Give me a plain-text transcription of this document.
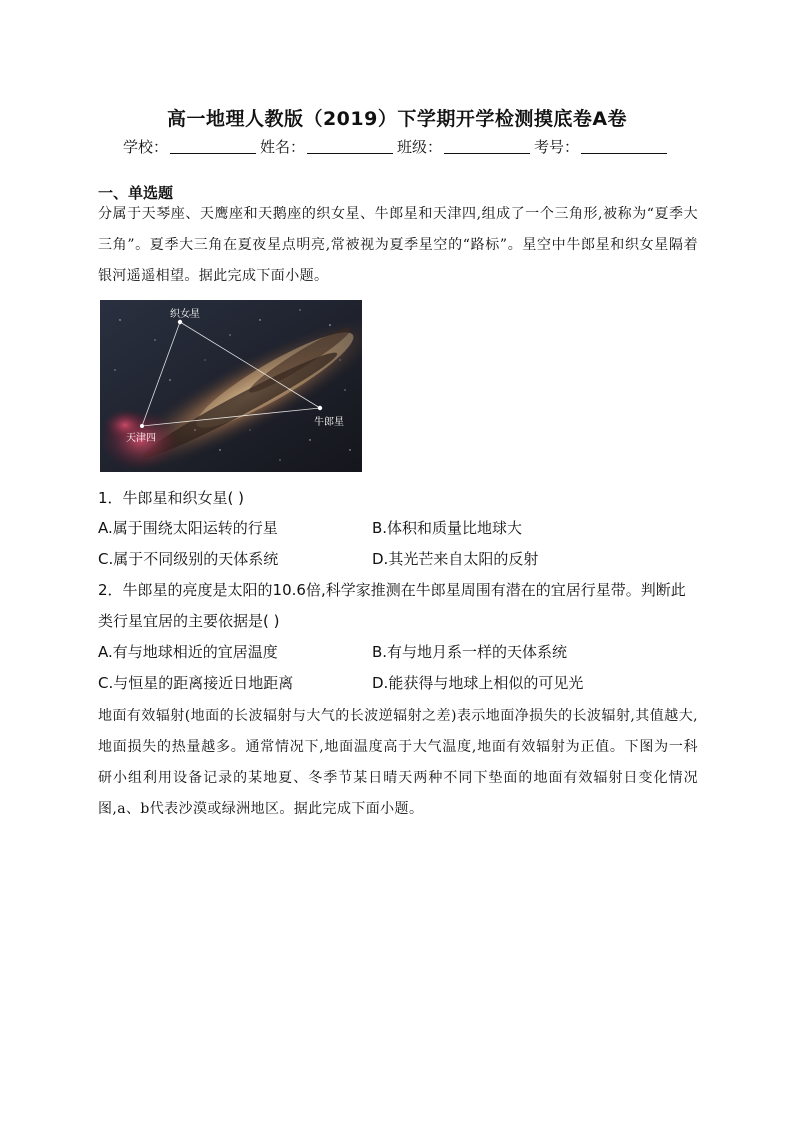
高一地理人教版（2019）下学期开学检测摸底卷A卷
学校：	姓名：	班级：	考号：
一、单选题
分属于天琴座、天鹰座和天鹅座的织女星、牛郎星和天津四,组成了一个三角形,被称为“夏季大三角”。夏季大三角在夏夜星点明亮,常被视为夏季星空的“路标”。星空中牛郎星和织女星隔着银河遥遥相望。据此完成下面小题。
织女星
牛郎星
天津四
1．牛郎星和织女星( )
A.属于围绕太阳运转的行星	B.体积和质量比地球大
C.属于不同级别的天体系统	D.其光芒来自太阳的反射
2．牛郎星的亮度是太阳的10.6倍,科学家推测在牛郎星周围有潜在的宜居行星带。判断此类行星宜居的主要依据是( )
A.有与地球相近的宜居温度	B.有与地月系一样的天体系统
C.与恒星的距离接近日地距离	D.能获得与地球上相似的可见光
地面有效辐射(地面的长波辐射与大气的长波逆辐射之差)表示地面净损失的长波辐射,其值越大,地面损失的热量越多。通常情况下,地面温度高于大气温度,地面有效辐射为正值。下图为一科研小组利用设备记录的某地夏、冬季节某日晴天两种不同下垫面的地面有效辐射日变化情况图,a、b代表沙漠或绿洲地区。据此完成下面小题。
